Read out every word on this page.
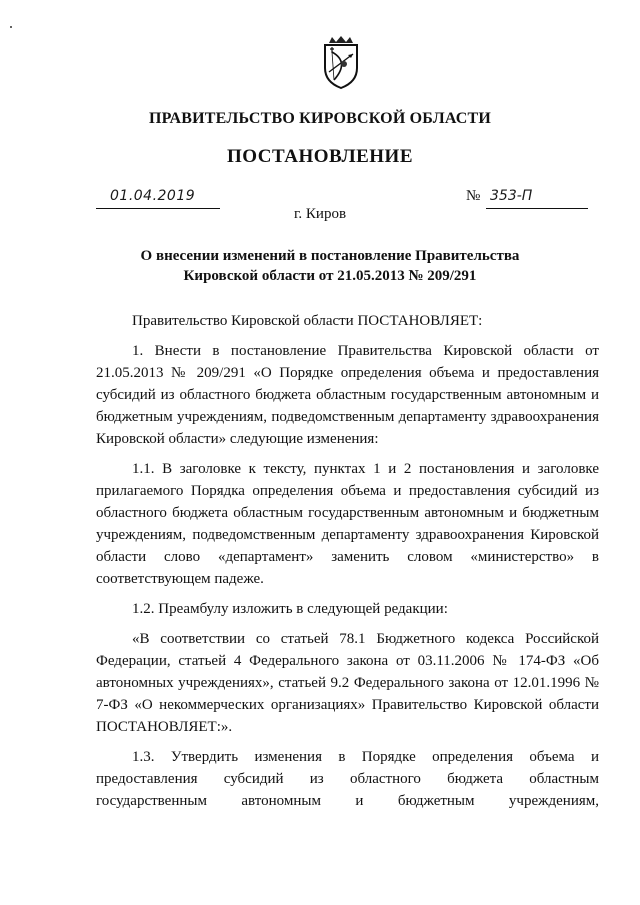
ПРАВИТЕЛЬСТВО КИРОВСКОЙ ОБЛАСТИ
ПОСТАНОВЛЕНИЕ
01.04.2019	№ 353-П
г. Киров
О внесении изменений в постановление Правительства
Кировской области от 21.05.2013 № 209/291

Правительство Кировской области ПОСТАНОВЛЯЕТ:

1. Внести в постановление Правительства Кировской области от 21.05.2013 № 209/291 «О Порядке определения объема и предоставления субсидий из областного бюджета областным государственным автономным и бюджетным учреждениям, подведомственным департаменту здравоохранения Кировской области» следующие изменения:

1.1. В заголовке к тексту, пунктах 1 и 2 постановления и заголовке прилагаемого Порядка определения объема и предоставления субсидий из областного бюджета областным государственным автономным и бюджетным учреждениям, подведомственным департаменту здравоохранения Кировской области слово «департамент» заменить словом «министерство» в соответствующем падеже.

1.2. Преамбулу изложить в следующей редакции:

«В соответствии со статьей 78.1 Бюджетного кодекса Российской Федерации, статьей 4 Федерального закона от 03.11.2006 № 174-ФЗ «Об автономных учреждениях», статьей 9.2 Федерального закона от 12.01.1996 № 7-ФЗ «О некоммерческих организациях» Правительство Кировской области ПОСТАНОВЛЯЕТ:».

1.3. Утвердить изменения в Порядке определения объема и предоставления субсидий из областного бюджета областным государственным автономным и бюджетным учреждениям,
